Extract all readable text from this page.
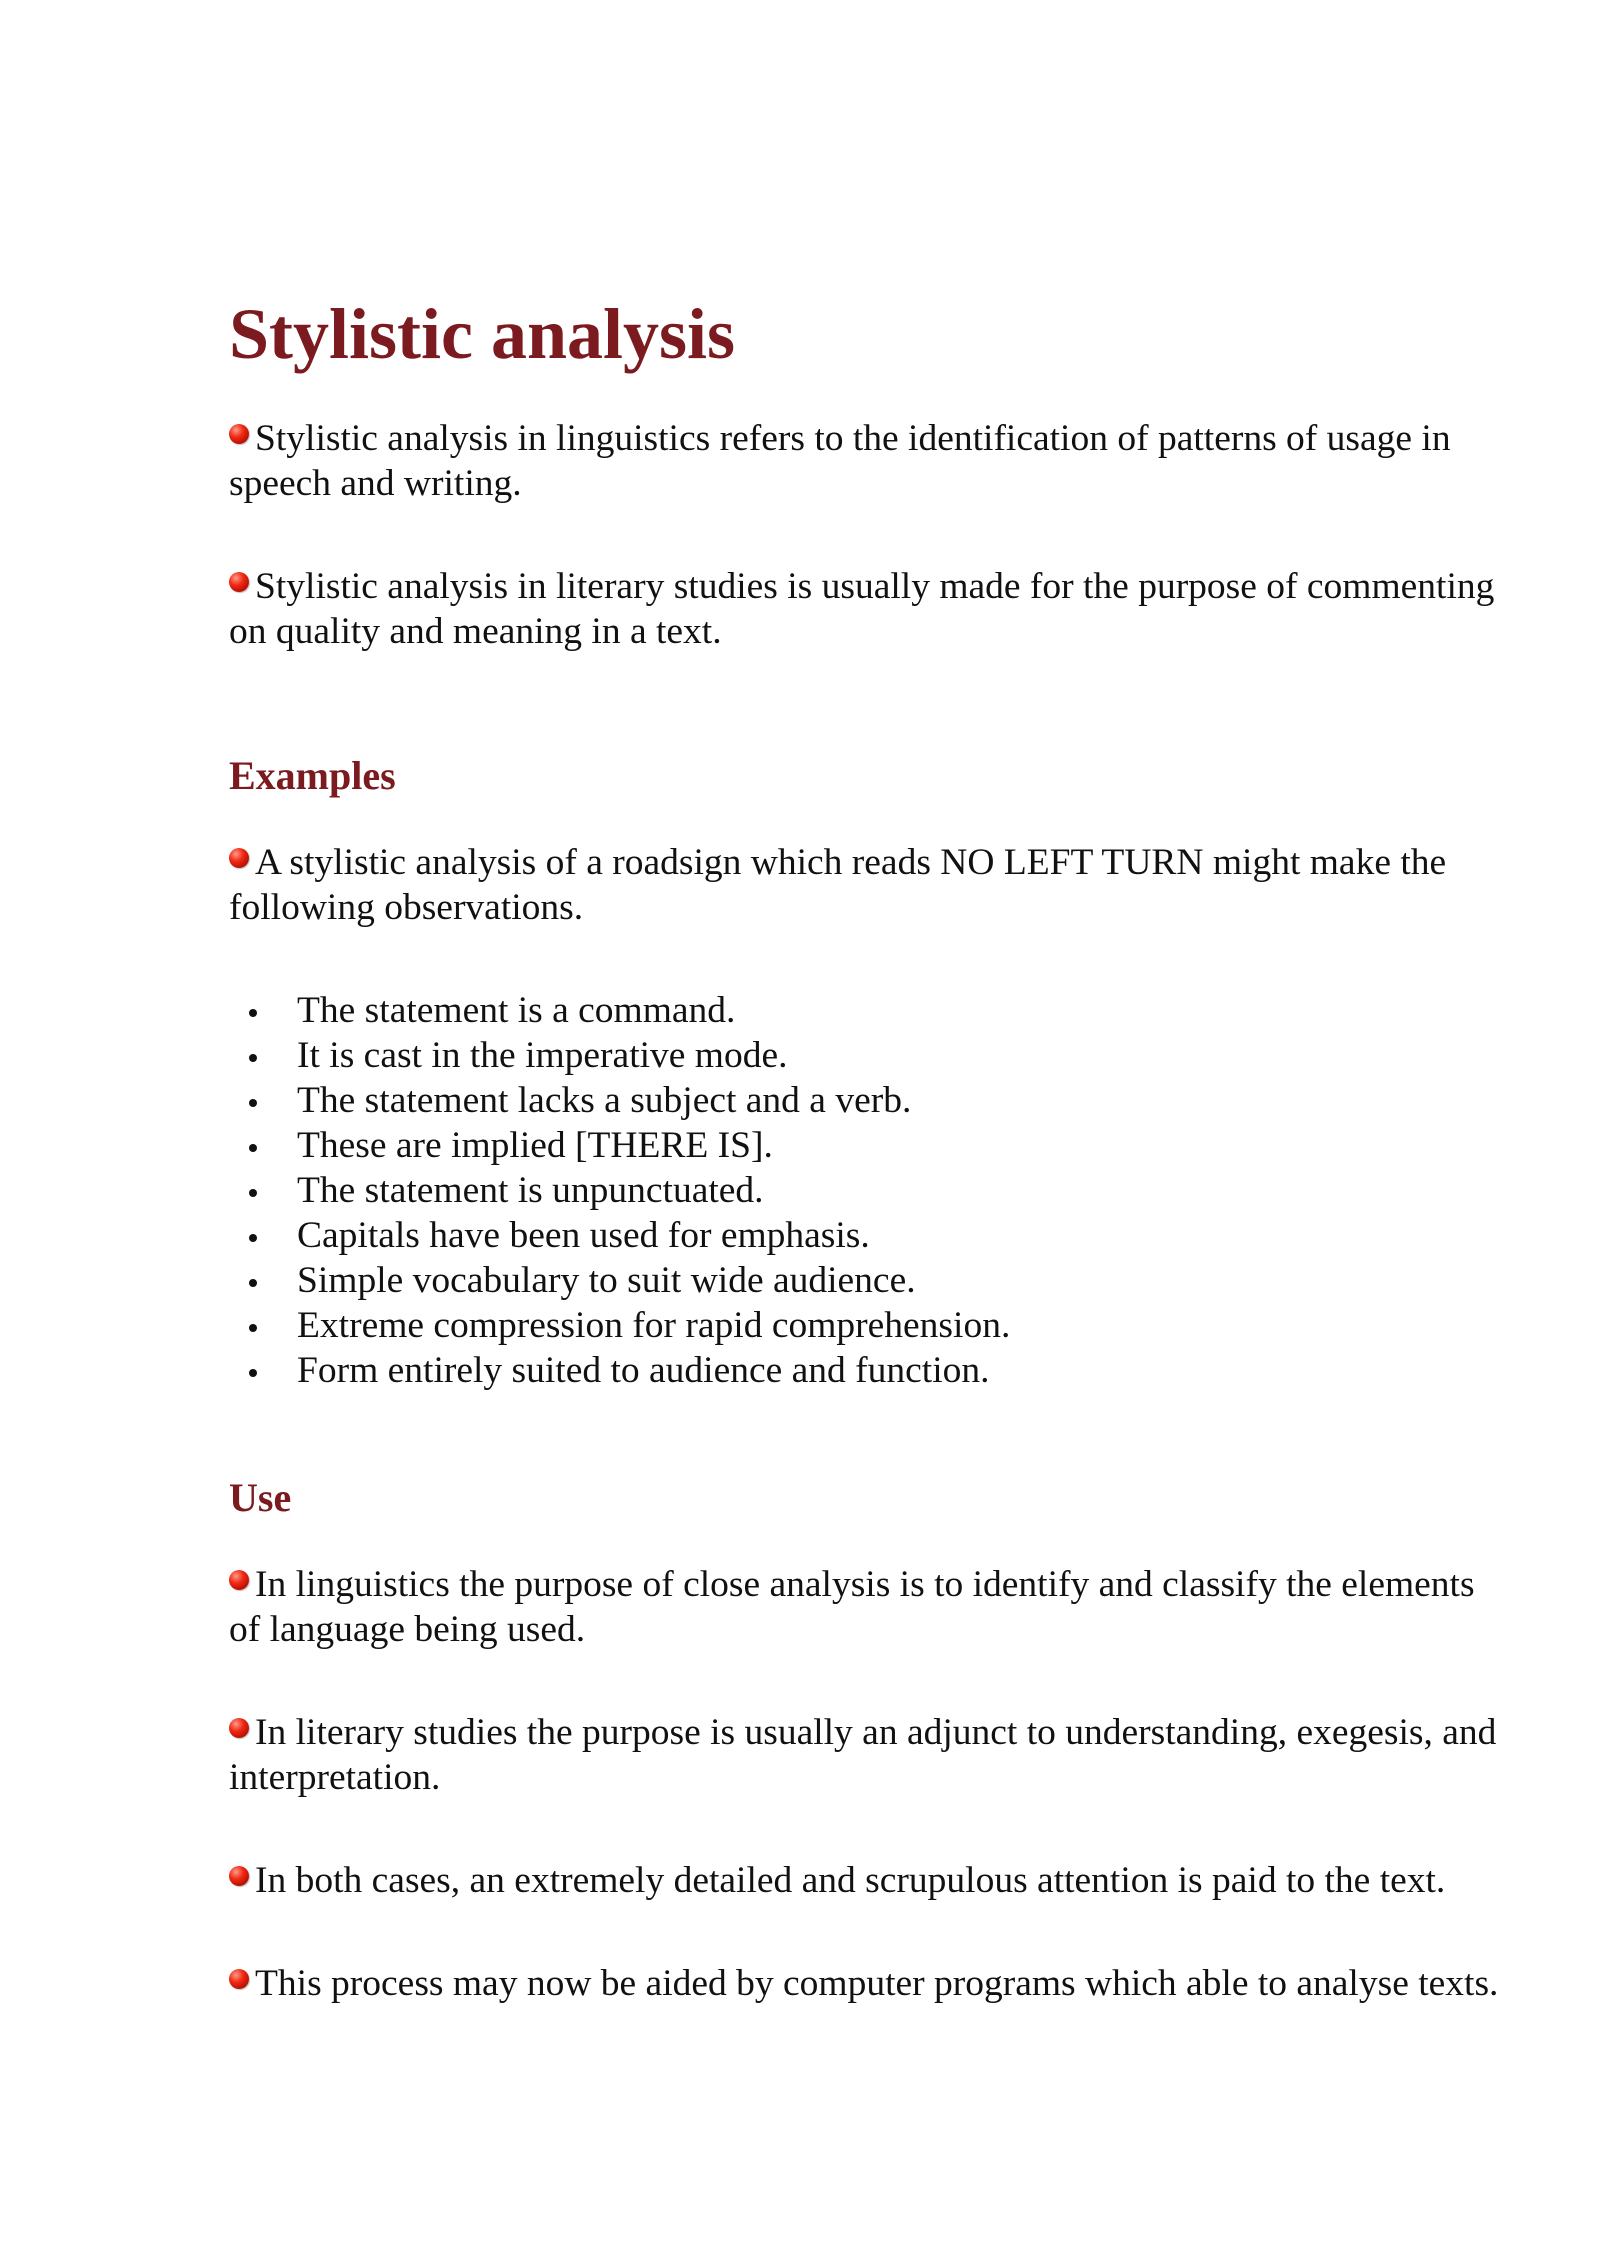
Stylistic analysis

Stylistic analysis in linguistics refers to the identification of patterns of usage in speech and writing.

Stylistic analysis in literary studies is usually made for the purpose of commenting on quality and meaning in a text.

Examples

A stylistic analysis of a roadsign which reads NO LEFT TURN might make the following observations.

The statement is a command.
It is cast in the imperative mode.
The statement lacks a subject and a verb.
These are implied [THERE IS].
The statement is unpunctuated.
Capitals have been used for emphasis.
Simple vocabulary to suit wide audience.
Extreme compression for rapid comprehension.
Form entirely suited to audience and function.
Use

In linguistics the purpose of close analysis is to identify and classify the elements of language being used.

In literary studies the purpose is usually an adjunct to understanding, exegesis, and interpretation.

In both cases, an extremely detailed and scrupulous attention is paid to the text.

This process may now be aided by computer programs which able to analyse texts.
